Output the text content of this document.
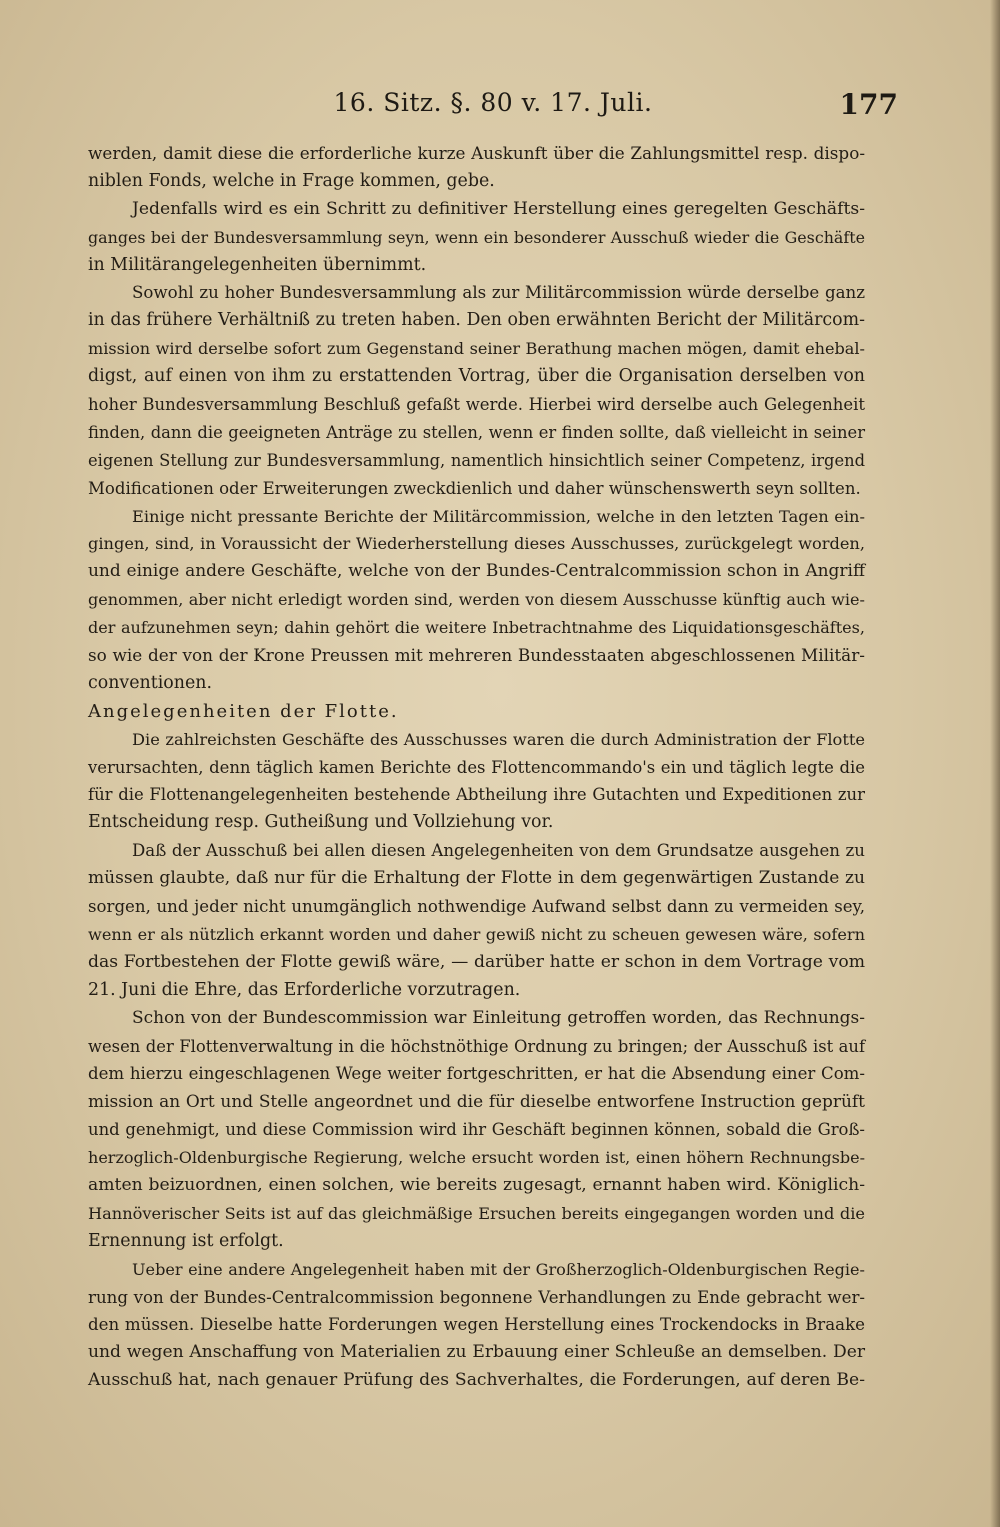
16. Sitz. §. 80 v. 17. Juli.	177
werden, damit diese die erforderliche kurze Auskunft über die Zahlungsmittel resp. dispo-
niblen Fonds, welche in Frage kommen, gebe.
Jedenfalls wird es ein Schritt zu definitiver Herstellung eines geregelten Geschäfts-
ganges bei der Bundesversammlung seyn, wenn ein besonderer Ausschuß wieder die Geschäfte
in Militärangelegenheiten übernimmt.
Sowohl zu hoher Bundesversammlung als zur Militärcommission würde derselbe ganz
in das frühere Verhältniß zu treten haben. Den oben erwähnten Bericht der Militärcom-
mission wird derselbe sofort zum Gegenstand seiner Berathung machen mögen, damit ehebal-
digst, auf einen von ihm zu erstattenden Vortrag, über die Organisation derselben von
hoher Bundesversammlung Beschluß gefaßt werde. Hierbei wird derselbe auch Gelegenheit
finden, dann die geeigneten Anträge zu stellen, wenn er finden sollte, daß vielleicht in seiner
eigenen Stellung zur Bundesversammlung, namentlich hinsichtlich seiner Competenz, irgend
Modificationen oder Erweiterungen zweckdienlich und daher wünschenswerth seyn sollten.
Einige nicht pressante Berichte der Militärcommission, welche in den letzten Tagen ein-
gingen, sind, in Voraussicht der Wiederherstellung dieses Ausschusses, zurückgelegt worden,
und einige andere Geschäfte, welche von der Bundes-Centralcommission schon in Angriff
genommen, aber nicht erledigt worden sind, werden von diesem Ausschusse künftig auch wie-
der aufzunehmen seyn; dahin gehört die weitere Inbetrachtnahme des Liquidationsgeschäftes,
so wie der von der Krone Preussen mit mehreren Bundesstaaten abgeschlossenen Militär-
conventionen.
Angelegenheiten der Flotte.
Die zahlreichsten Geschäfte des Ausschusses waren die durch Administration der Flotte
verursachten, denn täglich kamen Berichte des Flottencommando's ein und täglich legte die
für die Flottenangelegenheiten bestehende Abtheilung ihre Gutachten und Expeditionen zur
Entscheidung resp. Gutheißung und Vollziehung vor.
Daß der Ausschuß bei allen diesen Angelegenheiten von dem Grundsatze ausgehen zu
müssen glaubte, daß nur für die Erhaltung der Flotte in dem gegenwärtigen Zustande zu
sorgen, und jeder nicht unumgänglich nothwendige Aufwand selbst dann zu vermeiden sey,
wenn er als nützlich erkannt worden und daher gewiß nicht zu scheuen gewesen wäre, sofern
das Fortbestehen der Flotte gewiß wäre, — darüber hatte er schon in dem Vortrage vom
21. Juni die Ehre, das Erforderliche vorzutragen.
Schon von der Bundescommission war Einleitung getroffen worden, das Rechnungs-
wesen der Flottenverwaltung in die höchstnöthige Ordnung zu bringen; der Ausschuß ist auf
dem hierzu eingeschlagenen Wege weiter fortgeschritten, er hat die Absendung einer Com-
mission an Ort und Stelle angeordnet und die für dieselbe entworfene Instruction geprüft
und genehmigt, und diese Commission wird ihr Geschäft beginnen können, sobald die Groß-
herzoglich-Oldenburgische Regierung, welche ersucht worden ist, einen höhern Rechnungsbe-
amten beizuordnen, einen solchen, wie bereits zugesagt, ernannt haben wird. Königlich-
Hannöverischer Seits ist auf das gleichmäßige Ersuchen bereits eingegangen worden und die
Ernennung ist erfolgt.
Ueber eine andere Angelegenheit haben mit der Großherzoglich-Oldenburgischen Regie-
rung von der Bundes-Centralcommission begonnene Verhandlungen zu Ende gebracht wer-
den müssen. Dieselbe hatte Forderungen wegen Herstellung eines Trockendocks in Braake
und wegen Anschaffung von Materialien zu Erbauung einer Schleuße an demselben. Der
Ausschuß hat, nach genauer Prüfung des Sachverhaltes, die Forderungen, auf deren Be-
